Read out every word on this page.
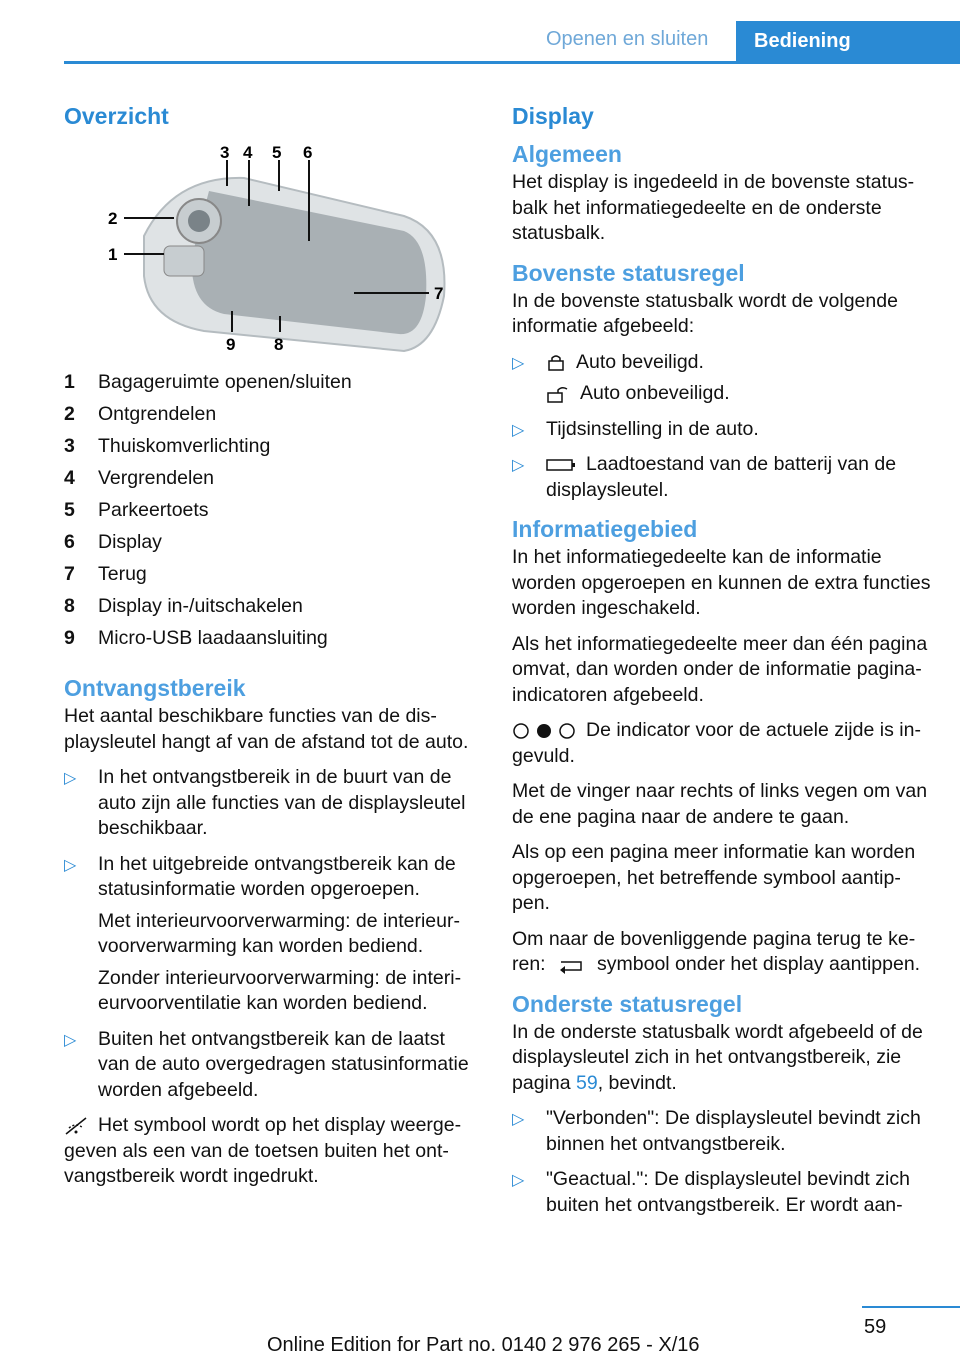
Openen en sluiten	Bediening
Overzicht
1
2
3 4 5 6
7
8
9
1 Bagageruimte openen/sluiten
2 Ontgrendelen
3 Thuiskomverlichting
4 Vergrendelen
5 Parkeertoets
6 Display
7 Terug
8 Display in-/uitschakelen
9 Micro-USB laadaansluiting
Ontvangstbereik

Het aantal beschikbare functies van de displaysleutel hangt af van de afstand tot de auto.

▷ In het ontvangstbereik in de buurt van de auto zijn alle functies van de displaysleutel beschikbaar.
▷ In het uitgebreide ontvangstbereik kan de statusinformatie worden opgeroepen.

Met interieurvoorverwarming: de interieurvoorverwarming kan worden bediend.

Zonder interieurvoorverwarming: de interieurvoorventilatie kan worden bediend.

▷ Buiten het ontvangstbereik kan de laatst van de auto overgedragen statusinformatie worden afgebeeld.

Het symbool wordt op het display weergegeven als een van de toetsen buiten het ontvangstbereik wordt ingedrukt.

Display
Algemeen

Het display is ingedeeld in de bovenste statusbalk het informatiegedeelte en de onderste statusbalk.

Bovenste statusregel

In de bovenste statusbalk wordt de volgende informatie afgebeeld:

▷	Auto beveiligd.

Auto onbeveiligd.

▷ Tijdsinstelling in de auto.
▷	Laadtoestand van de batterij van de displaysleutel.
Informatiegebied

In het informatiegedeelte kan de informatie worden opgeroepen en kunnen de extra functies worden ingeschakeld.

Als het informatiegedeelte meer dan één pagina omvat, dan worden onder de informatie pagina-indicatoren afgebeeld.

De indicator voor de actuele zijde is ingevuld.

Met de vinger naar rechts of links vegen om van de ene pagina naar de andere te gaan.

Als op een pagina meer informatie kan worden opgeroepen, het betreffende symbool aantippen.

Om naar de bovenliggende pagina terug te keren:	symbool onder het display aantippen.

Onderste statusregel

In de onderste statusbalk wordt afgebeeld of de displaysleutel zich in het ontvangstbereik, zie pagina 59, bevindt.

▷ "Verbonden": De displaysleutel bevindt zich binnen het ontvangstbereik.
▷ "Geactual.": De displaysleutel bevindt zich buiten het ontvangstbereik. Er wordt aan-
59
Online Edition for Part no. 0140 2 976 265 - X/16
